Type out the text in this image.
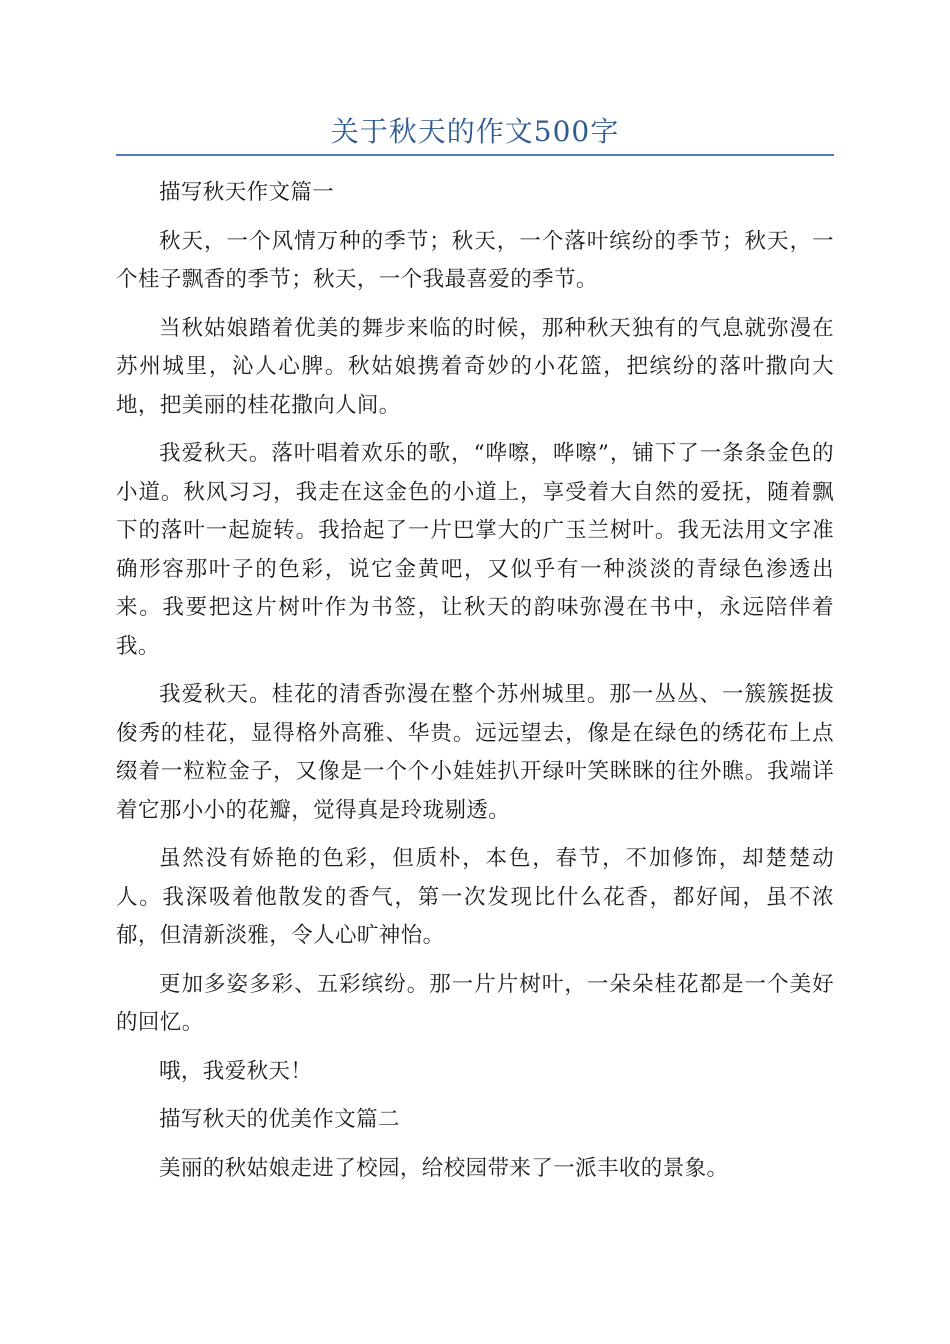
关于秋天的作文500字

描写秋天作文篇一

秋天，一个风情万种的季节；秋天，一个落叶缤纷的季节；秋天，一个桂子飘香的季节；秋天，一个我最喜爱的季节。

当秋姑娘踏着优美的舞步来临的时候，那种秋天独有的气息就弥漫在苏州城里，沁人心脾。秋姑娘携着奇妙的小花篮，把缤纷的落叶撒向大地，把美丽的桂花撒向人间。

我爱秋天。落叶唱着欢乐的歌，“哗嚓，哗嚓”，铺下了一条条金色的小道。秋风习习，我走在这金色的小道上，享受着大自然的爱抚，随着飘下的落叶一起旋转。我拾起了一片巴掌大的广玉兰树叶。我无法用文字准确形容那叶子的色彩，说它金黄吧，又似乎有一种淡淡的青绿色渗透出来。我要把这片树叶作为书签，让秋天的韵味弥漫在书中，永远陪伴着我。

我爱秋天。桂花的清香弥漫在整个苏州城里。那一丛丛、一簇簇挺拔俊秀的桂花，显得格外高雅、华贵。远远望去，像是在绿色的绣花布上点缀着一粒粒金子，又像是一个个小娃娃扒开绿叶笑眯眯的往外瞧。我端详着它那小小的花瓣，觉得真是玲珑剔透。

虽然没有娇艳的色彩，但质朴，本色，春节，不加修饰，却楚楚动人。我深吸着他散发的香气，第一次发现比什么花香，都好闻，虽不浓郁，但清新淡雅，令人心旷神怡。

更加多姿多彩、五彩缤纷。那一片片树叶，一朵朵桂花都是一个美好的回忆。

哦，我爱秋天！

描写秋天的优美作文篇二

美丽的秋姑娘走进了校园，给校园带来了一派丰收的景象。
